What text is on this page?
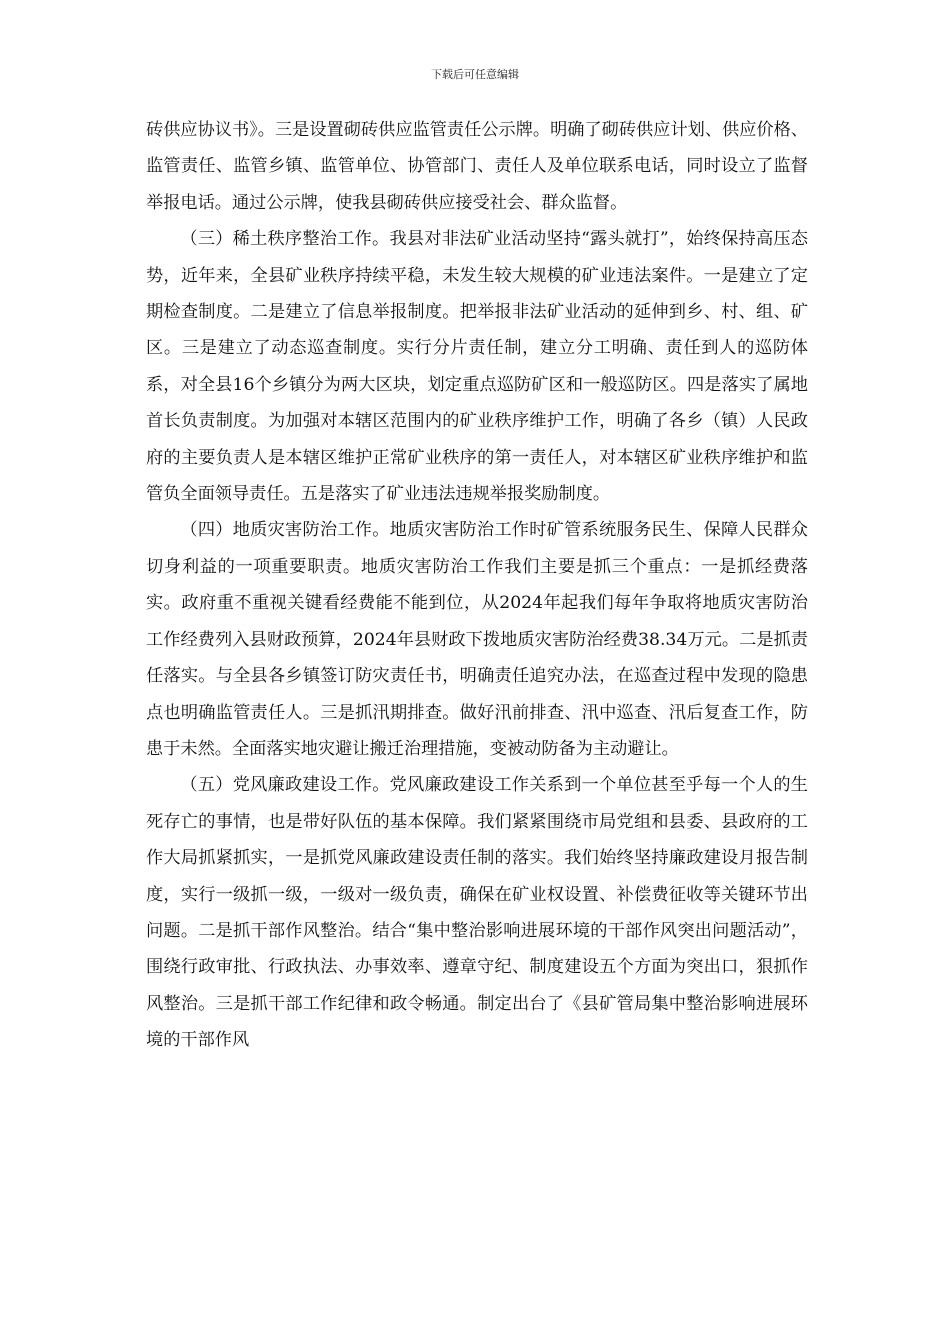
下载后可任意编辑

砖供应协议书》。三是设置砌砖供应监管责任公示牌。明确了砌砖供应计划、供应价格、监管责任、监管乡镇、监管单位、协管部门、责任人及单位联系电话，同时设立了监督举报电话。通过公示牌，使我县砌砖供应接受社会、群众监督。

（三）稀土秩序整治工作。我县对非法矿业活动坚持“露头就打”，始终保持高压态势，近年来，全县矿业秩序持续平稳，未发生较大规模的矿业违法案件。一是建立了定期检查制度。二是建立了信息举报制度。把举报非法矿业活动的延伸到乡、村、组、矿区。三是建立了动态巡查制度。实行分片责任制，建立分工明确、责任到人的巡防体系，对全县16个乡镇分为两大区块，划定重点巡防矿区和一般巡防区。四是落实了属地首长负责制度。为加强对本辖区范围内的矿业秩序维护工作，明确了各乡（镇）人民政府的主要负责人是本辖区维护正常矿业秩序的第一责任人，对本辖区矿业秩序维护和监管负全面领导责任。五是落实了矿业违法违规举报奖励制度。

（四）地质灾害防治工作。地质灾害防治工作时矿管系统服务民生、保障人民群众切身利益的一项重要职责。地质灾害防治工作我们主要是抓三个重点：一是抓经费落实。政府重不重视关键看经费能不能到位，从2024年起我们每年争取将地质灾害防治工作经费列入县财政预算，2024年县财政下拨地质灾害防治经费38.34万元。二是抓责任落实。与全县各乡镇签订防灾责任书，明确责任追究办法，在巡查过程中发现的隐患点也明确监管责任人。三是抓汛期排查。做好汛前排查、汛中巡查、汛后复查工作，防患于未然。全面落实地灾避让搬迁治理措施，变被动防备为主动避让。

（五）党风廉政建设工作。党风廉政建设工作关系到一个单位甚至乎每一个人的生死存亡的事情，也是带好队伍的基本保障。我们紧紧围绕市局党组和县委、县政府的工作大局抓紧抓实，一是抓党风廉政建设责任制的落实。我们始终坚持廉政建设月报告制度，实行一级抓一级，一级对一级负责，确保在矿业权设置、补偿费征收等关键环节出问题。二是抓干部作风整治。结合“集中整治影响进展环境的干部作风突出问题活动”，围绕行政审批、行政执法、办事效率、遵章守纪、制度建设五个方面为突出口，狠抓作风整治。三是抓干部工作纪律和政令畅通。制定出台了《县矿管局集中整治影响进展环境的干部作风
